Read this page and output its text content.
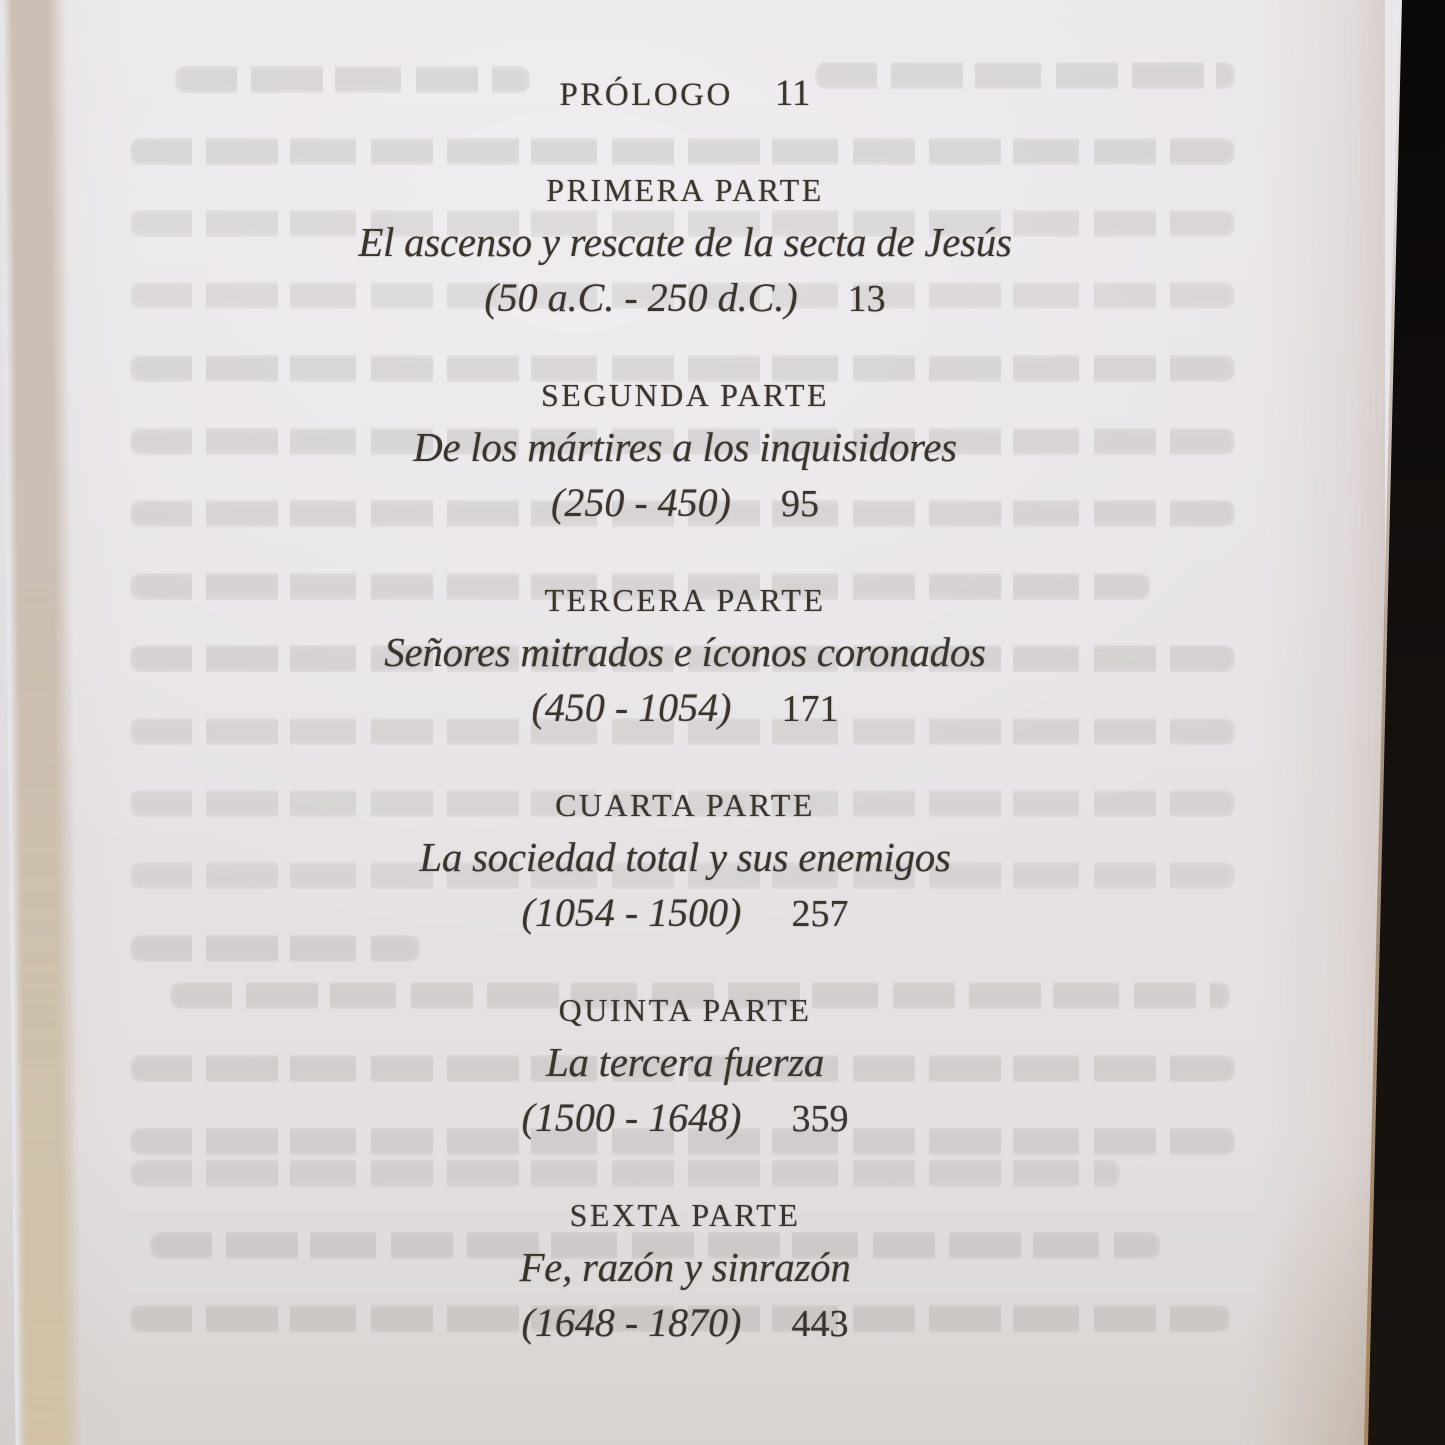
PRÓLOGO 11
PRIMERA PARTE
El ascenso y rescate de la secta de Jesús
(50 a.C. - 250 d.C.) 13
SEGUNDA PARTE
De los mártires a los inquisidores
(250 - 450) 95
TERCERA PARTE
Señores mitrados e íconos coronados
(450 - 1054) 171
CUARTA PARTE
La sociedad total y sus enemigos
(1054 - 1500) 257
QUINTA PARTE
La tercera fuerza
(1500 - 1648) 359
SEXTA PARTE
Fe, razón y sinrazón
(1648 - 1870) 443
